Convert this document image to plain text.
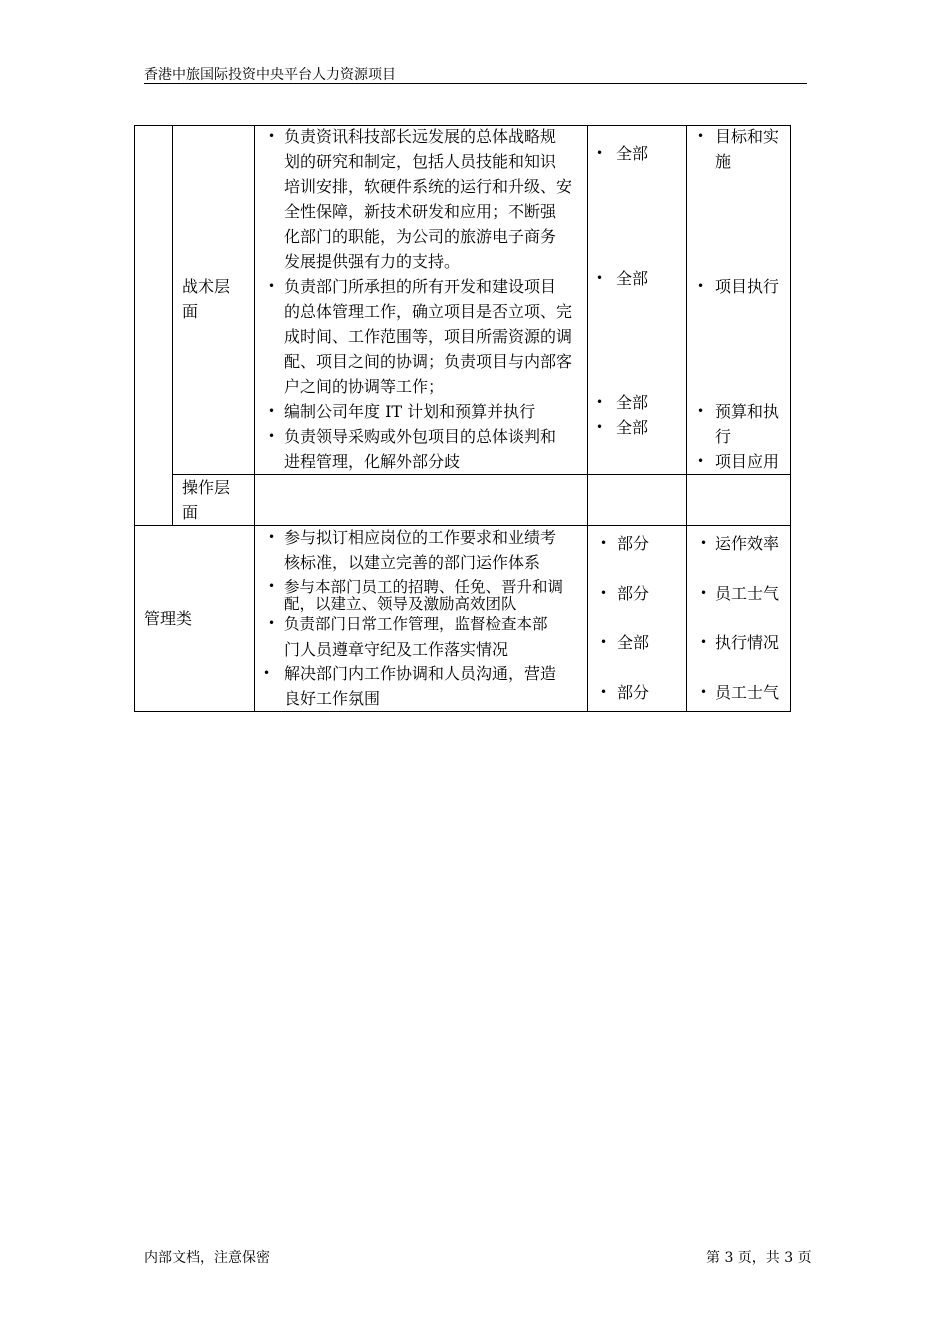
香港中旅国际投资中央平台人力资源项目
战术层
面
• 负责资讯科技部长远发展的总体战略规
划的研究和制定，包括人员技能和知识
培训安排，软硬件系统的运行和升级、安
全性保障，新技术研发和应用；不断强
化部门的职能，为公司的旅游电子商务
发展提供强有力的支持。
• 负责部门所承担的所有开发和建设项目
的总体管理工作，确立项目是否立项、完
成时间、工作范围等，项目所需资源的调
配、项目之间的协调；负责项目与内部客
户之间的协调等工作；
• 编制公司年度 IT 计划和预算并执行
• 负责领导采购或外包项目的总体谈判和
进程管理，化解外部分歧
• 全部
• 全部
• 全部
• 全部
• 目标和实
施
• 项目执行
• 预算和执
行
• 项目应用
操作层
面
管理类
• 参与拟订相应岗位的工作要求和业绩考
核标准，以建立完善的部门运作体系
• 参与本部门员工的招聘、任免、晋升和调
配，以建立、领导及激励高效团队
• 负责部门日常工作管理，监督检查本部
门人员遵章守纪及工作落实情况
• 解决部门内工作协调和人员沟通，营造
良好工作氛围
• 部分
• 部分
• 全部
• 部分
• 运作效率
• 员工士气
• 执行情况
• 员工士气
内部文档，注意保密	第 3 页，共 3 页
